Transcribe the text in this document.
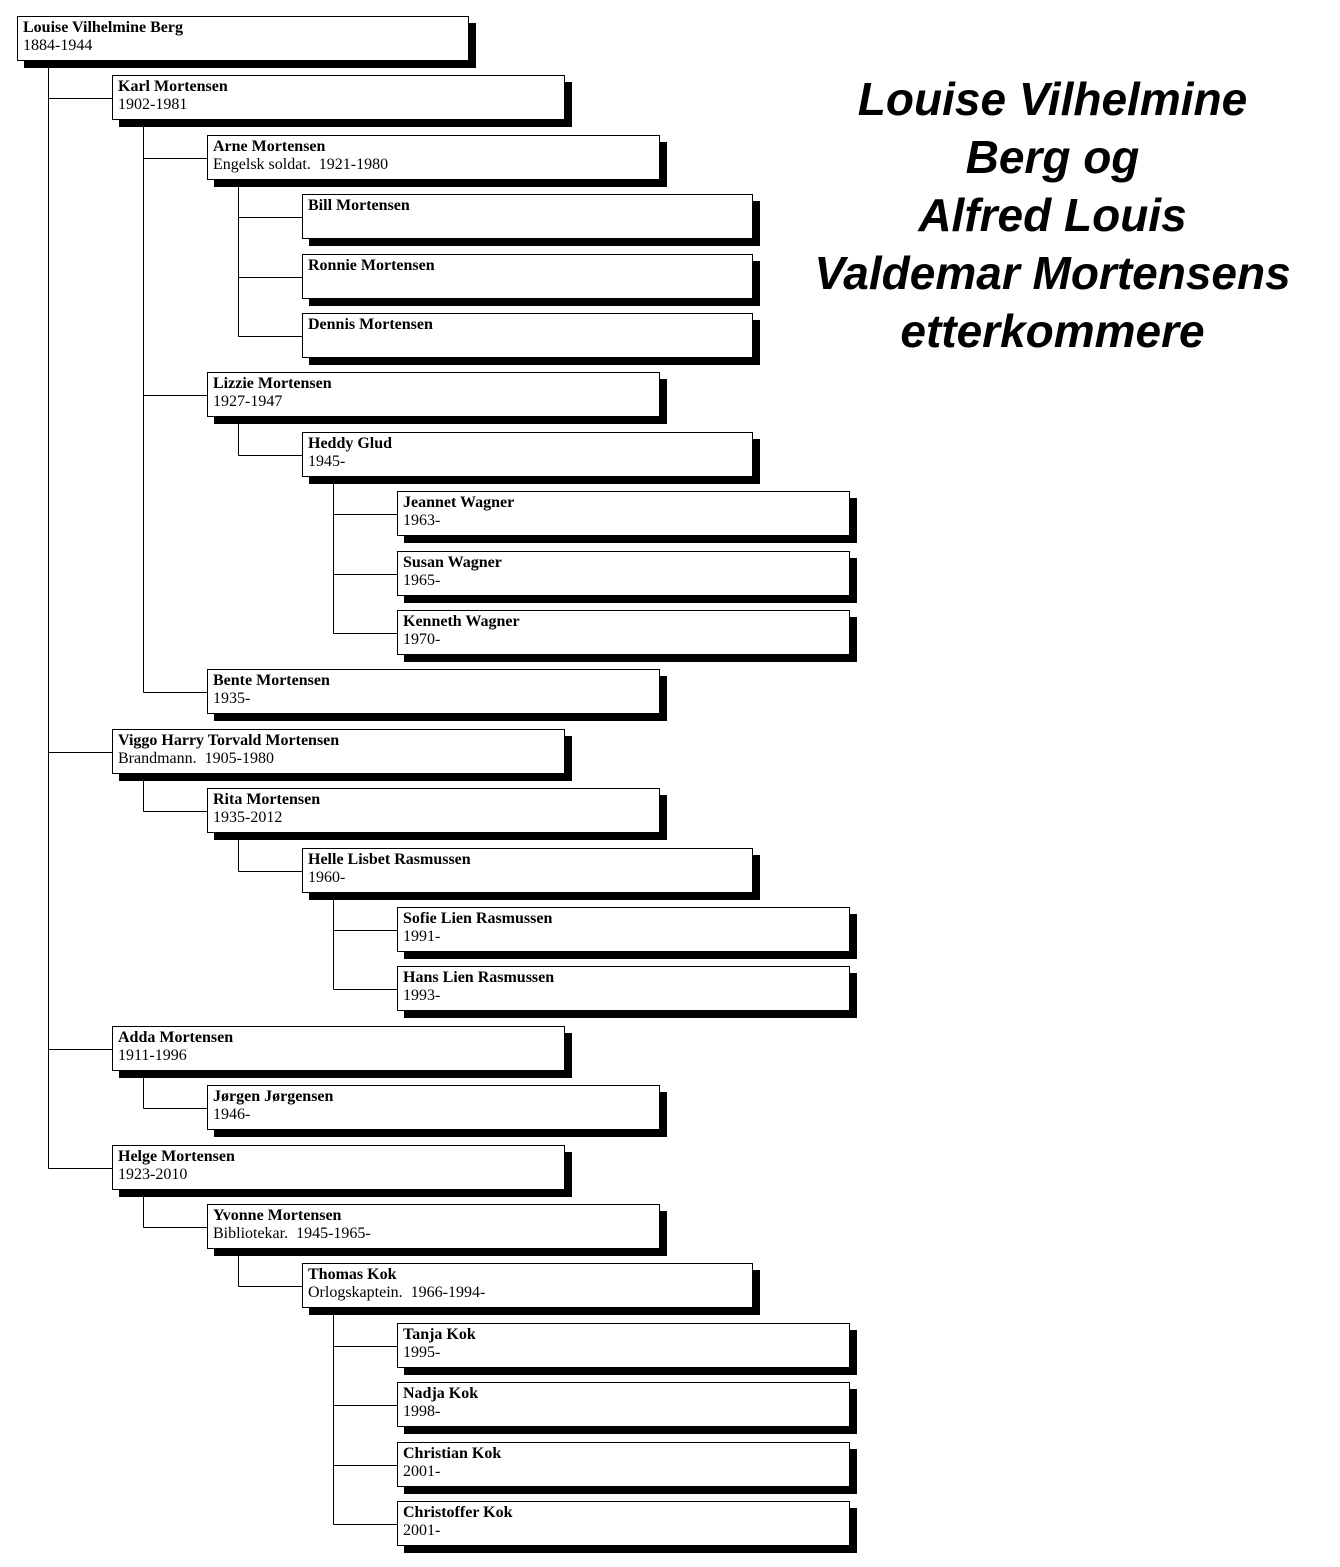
Louise Vilhelmine
Berg og
Alfred Louis
Valdemar Mortensens
etterkommere
Louise Vilhelmine Berg
1884-1944
Karl Mortensen
1902-1981
Arne Mortensen
Engelsk soldat.  1921-1980
Bill Mortensen
Ronnie Mortensen
Dennis Mortensen
Lizzie Mortensen
1927-1947
Heddy Glud
1945-
Jeannet Wagner
1963-
Susan Wagner
1965-
Kenneth Wagner
1970-
Bente Mortensen
1935-
Viggo Harry Torvald Mortensen
Brandmann.  1905-1980
Rita Mortensen
1935-2012
Helle Lisbet Rasmussen
1960-
Sofie Lien Rasmussen
1991-
Hans Lien Rasmussen
1993-
Adda Mortensen
1911-1996
Jørgen Jørgensen
1946-
Helge Mortensen
1923-2010
Yvonne Mortensen
Bibliotekar.  1945-1965-
Thomas Kok
Orlogskaptein.  1966-1994-
Tanja Kok
1995-
Nadja Kok
1998-
Christian Kok
2001-
Christoffer Kok
2001-
